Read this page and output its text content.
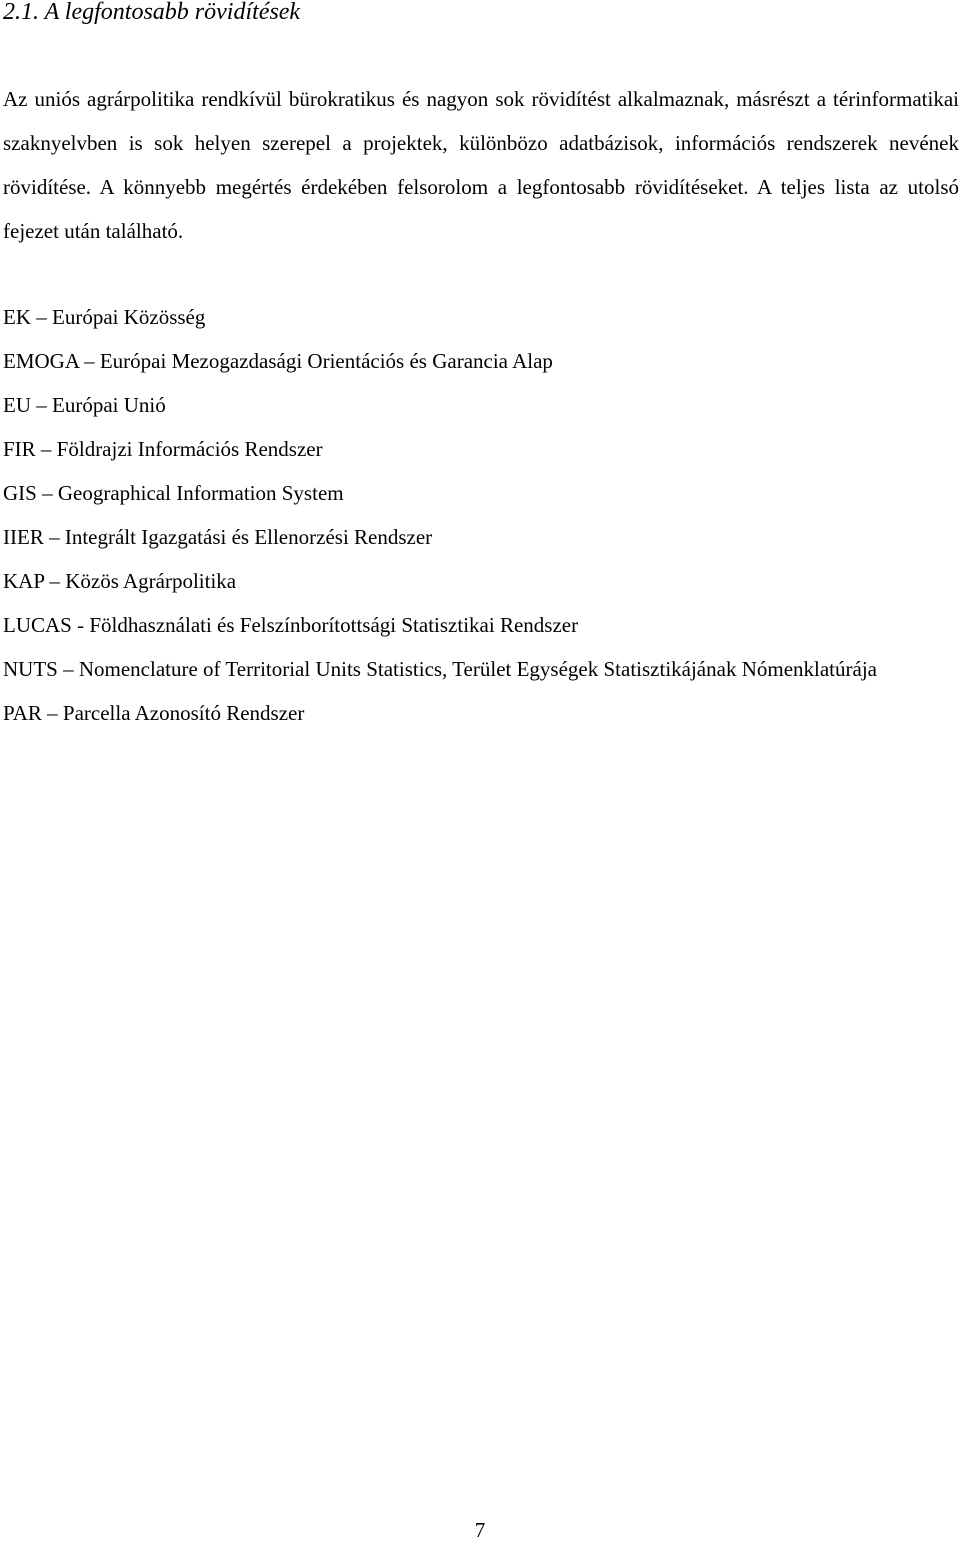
2.1. A legfontosabb rövidítések

Az uniós agrárpolitika rendkívül bürokratikus és nagyon sok rövidítést alkalmaznak, másrészt a térinformatikai szaknyelvben is sok helyen szerepel a projektek, különbözo adatbázisok, információs rendszerek nevének rövidítése. A könnyebb megértés érdekében felsorolom a legfontosabb rövidítéseket. A teljes lista az utolsó fejezet után található.

EK – Európai Közösség
EMOGA – Európai Mezogazdasági Orientációs és Garancia Alap
EU – Európai Unió
FIR – Földrajzi Információs Rendszer
GIS – Geographical Information System
IIER – Integrált Igazgatási és Ellenorzési Rendszer
KAP – Közös Agrárpolitika
LUCAS - Földhasználati és Felszínborítottsági Statisztikai Rendszer
NUTS – Nomenclature of Territorial Units Statistics, Terület Egységek Statisztikájának Nómenklatúrája
PAR – Parcella Azonosító Rendszer
7
